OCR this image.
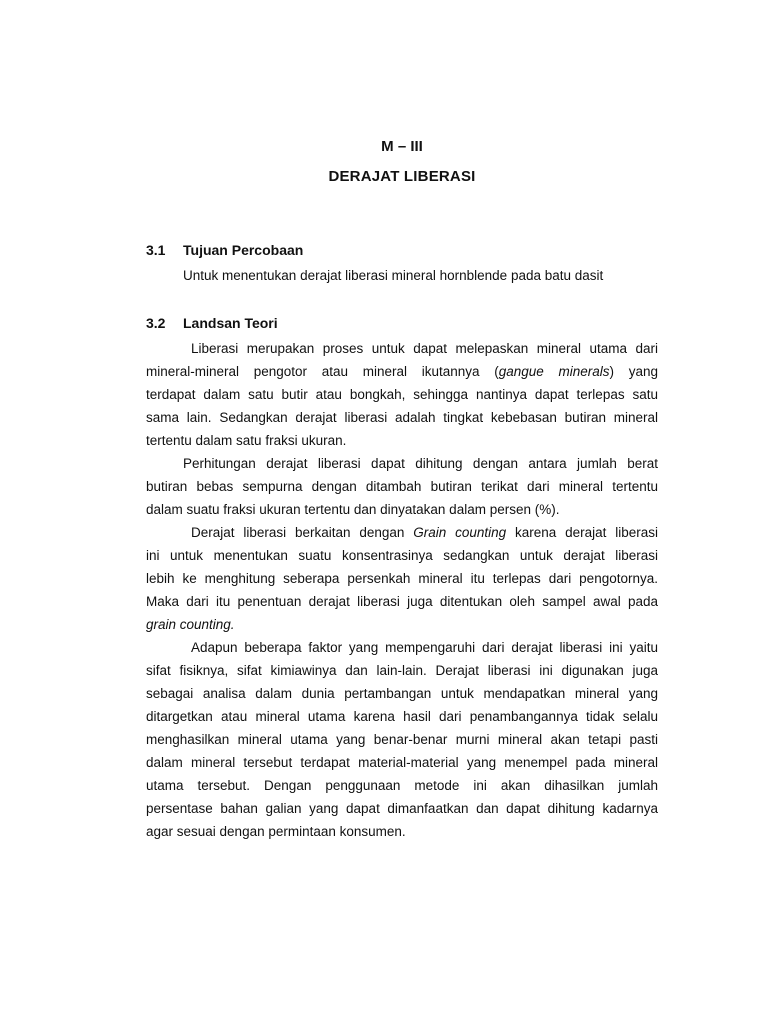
M – III
DERAJAT LIBERASI
3.1 Tujuan Percobaan
Untuk menentukan derajat liberasi mineral hornblende pada batu dasit
3.2 Landsan Teori
Liberasi merupakan proses untuk dapat melepaskan mineral utama dari
mineral-mineral pengotor atau mineral ikutannya (gangue minerals) yang
terdapat dalam satu butir atau bongkah, sehingga nantinya dapat terlepas satu
sama lain. Sedangkan derajat liberasi adalah tingkat kebebasan butiran mineral
tertentu dalam satu fraksi ukuran.
Perhitungan derajat liberasi dapat dihitung dengan antara jumlah berat
butiran bebas sempurna dengan ditambah butiran terikat dari mineral tertentu
dalam suatu fraksi ukuran tertentu dan dinyatakan dalam persen (%).
Derajat liberasi berkaitan dengan Grain counting karena derajat liberasi
ini untuk menentukan suatu konsentrasinya sedangkan untuk derajat liberasi
lebih ke menghitung seberapa persenkah mineral itu terlepas dari pengotornya.
Maka dari itu penentuan derajat liberasi juga ditentukan oleh sampel awal pada
grain counting.
Adapun beberapa faktor yang mempengaruhi dari derajat liberasi ini yaitu
sifat fisiknya, sifat kimiawinya dan lain-lain. Derajat liberasi ini digunakan juga
sebagai analisa dalam dunia pertambangan untuk mendapatkan mineral yang
ditargetkan atau mineral utama karena hasil dari penambangannya tidak selalu
menghasilkan mineral utama yang benar-benar murni mineral akan tetapi pasti
dalam mineral tersebut terdapat material-material yang menempel pada mineral
utama tersebut. Dengan penggunaan metode ini akan dihasilkan jumlah
persentase bahan galian yang dapat dimanfaatkan dan dapat dihitung kadarnya
agar sesuai dengan permintaan konsumen.
